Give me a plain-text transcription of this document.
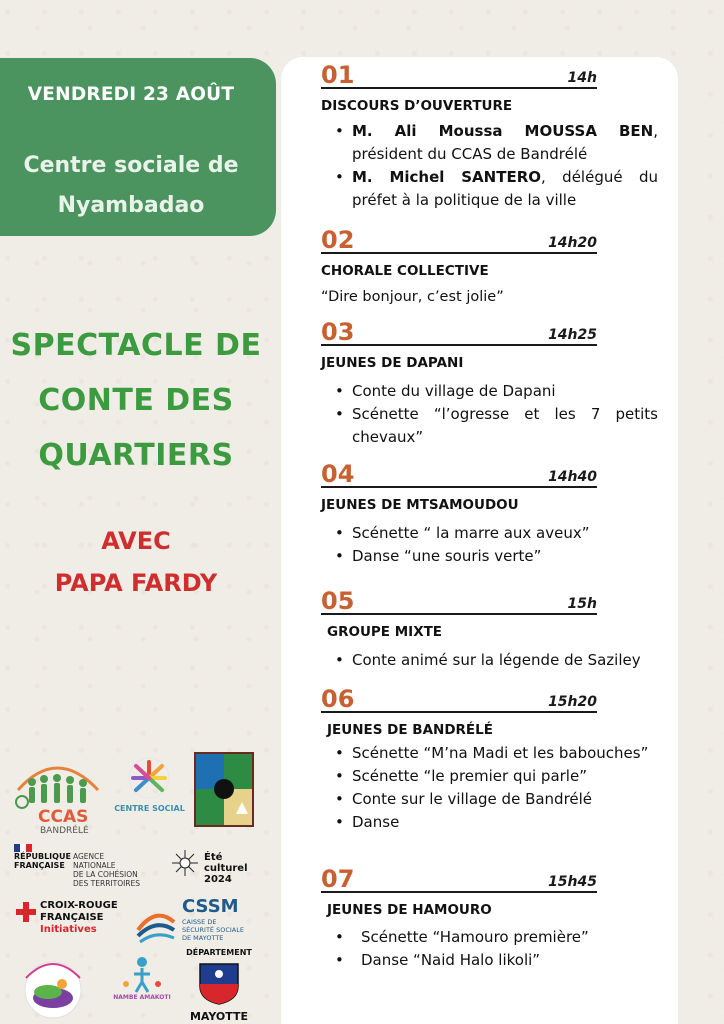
VENDREDI 23 AOÛT
Centre sociale de
Nyambadao
SPECTACLE DE
CONTE DES
QUARTIERS
AVEC
PAPA FARDY
01	14h
DISCOURS D’OUVERTURE
• M. Ali Moussa MOUSSA BEN, président du CCAS de Bandrélé
• M. Michel SANTERO, délégué du préfet à la politique de la ville
02	14h20
CHORALE COLLECTIVE
“Dire bonjour, c’est jolie”
03	14h25
JEUNES DE DAPANI
• Conte du village de Dapani
• Scénette “l’ogresse et les 7 petits chevaux”
04	14h40
JEUNES DE MTSAMOUDOU
• Scénette “ la marre aux aveux”
• Danse “une souris verte”
05	15h
GROUPE MIXTE
• Conte animé sur la légende de Saziley
06	15h20
JEUNES DE BANDRÉLÉ
• Scénette “M’na Madi et les babouches”
• Scénette “le premier qui parle”
• Conte sur le village de Bandrélé
• Danse
07	15h45
JEUNES DE HAMOURO
• Scénette “Hamouro première”
• Danse “Naid Halo likoli”
CCAS
BANDRÉLÉ
CENTRE SOCIAL
RÉPUBLIQUE
FRANÇAISE
AGENCE
NATIONALE
DE LA COHÉSION
DES TERRITOIRES
Été
culturel
2024
CROIX-ROUGE
FRANÇAISE
Initiatives
CSSM
CAISSE DE
SÉCURITÉ SOCIALE
DE MAYOTTE
NAMBE AMAKOTI
DÉPARTEMENT
MAYOTTE
